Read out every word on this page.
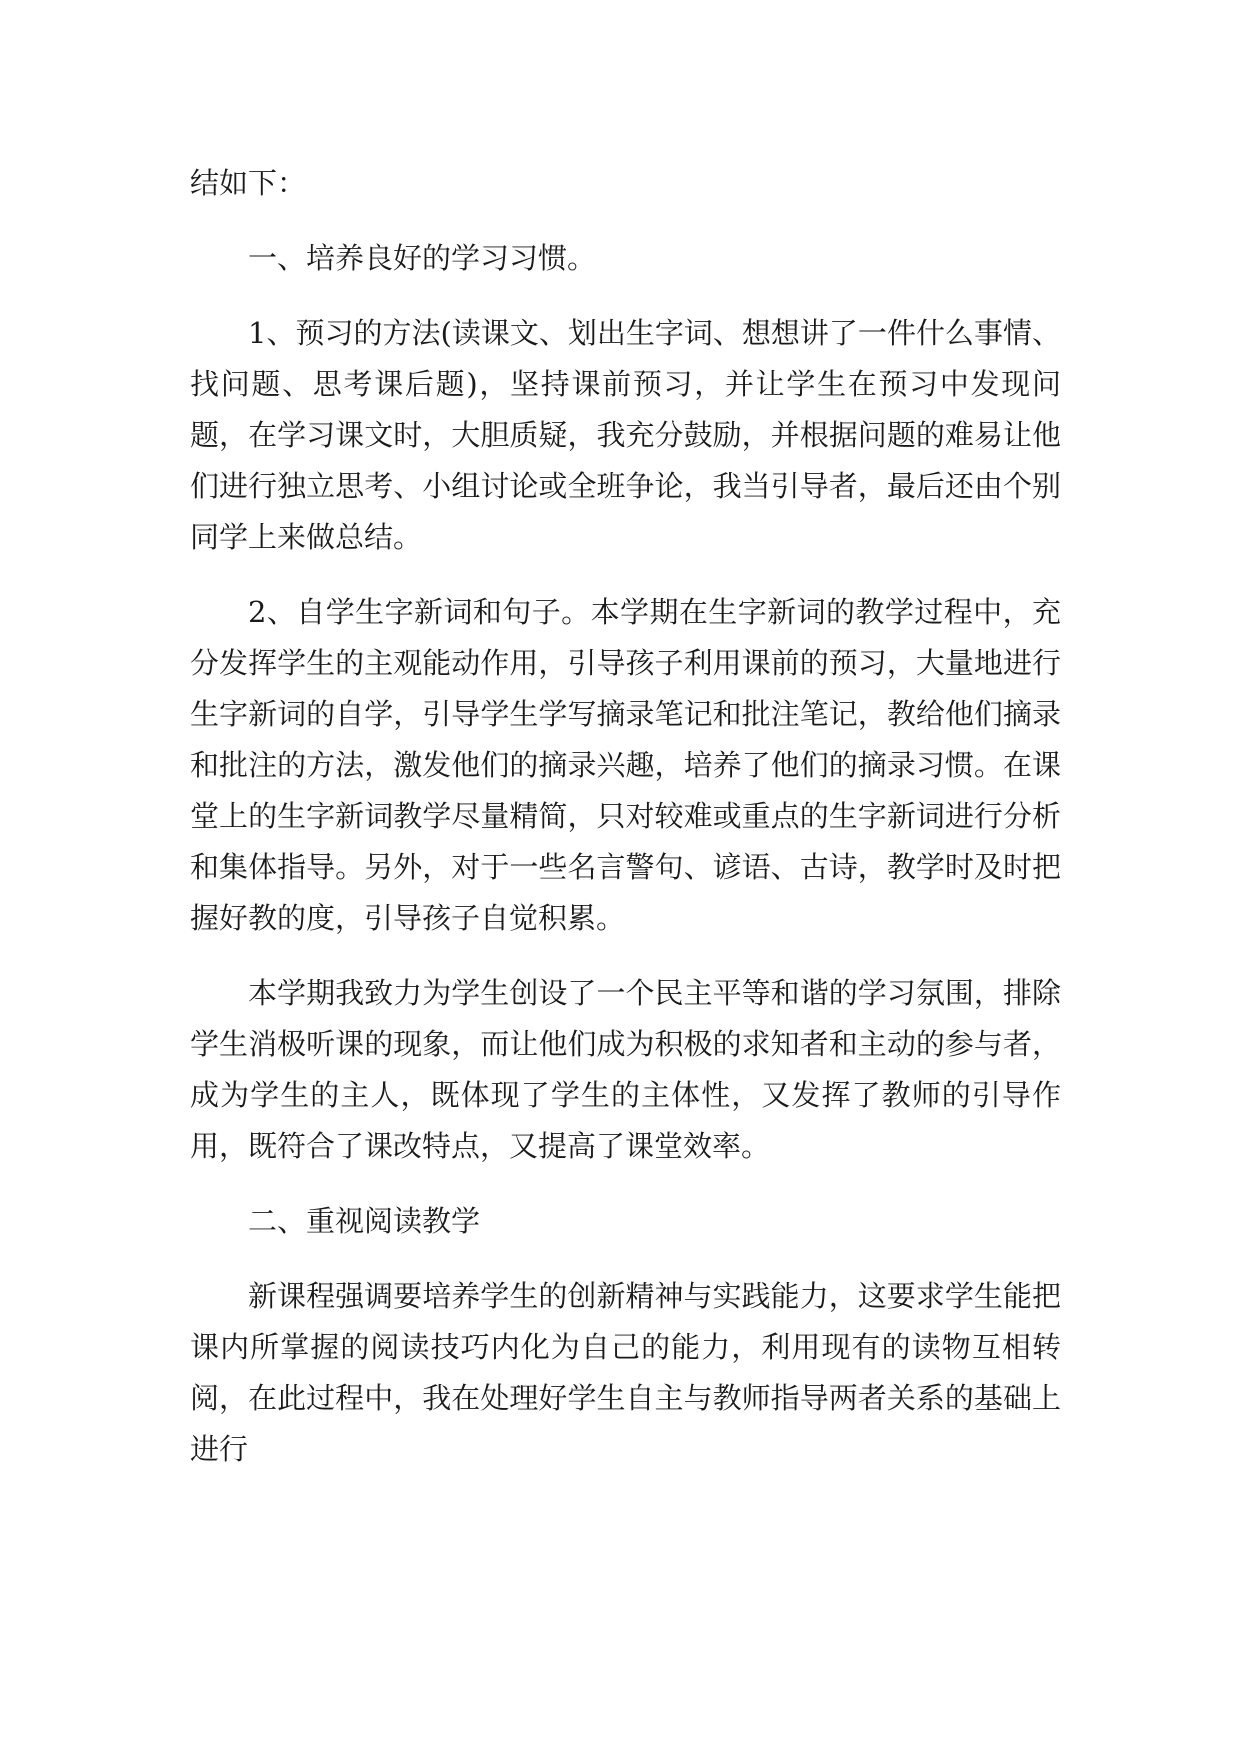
结如下：

一、培养良好的学习习惯。

1、预习的方法(读课文、划出生字词、想想讲了一件什么事情、找问题、思考课后题)，坚持课前预习，并让学生在预习中发现问题，在学习课文时，大胆质疑，我充分鼓励，并根据问题的难易让他们进行独立思考、小组讨论或全班争论，我当引导者，最后还由个别同学上来做总结。

2、自学生字新词和句子。本学期在生字新词的教学过程中，充分发挥学生的主观能动作用，引导孩子利用课前的预习，大量地进行生字新词的自学，引导学生学写摘录笔记和批注笔记，教给他们摘录和批注的方法，激发他们的摘录兴趣，培养了他们的摘录习惯。在课堂上的生字新词教学尽量精简，只对较难或重点的生字新词进行分析和集体指导。另外，对于一些名言警句、谚语、古诗，教学时及时把握好教的度，引导孩子自觉积累。

本学期我致力为学生创设了一个民主平等和谐的学习氛围，排除学生消极听课的现象，而让他们成为积极的求知者和主动的参与者，成为学生的主人，既体现了学生的主体性，又发挥了教师的引导作用，既符合了课改特点，又提高了课堂效率。

二、重视阅读教学

新课程强调要培养学生的创新精神与实践能力，这要求学生能把课内所掌握的阅读技巧内化为自己的能力，利用现有的读物互相转阅，在此过程中，我在处理好学生自主与教师指导两者关系的基础上进行
